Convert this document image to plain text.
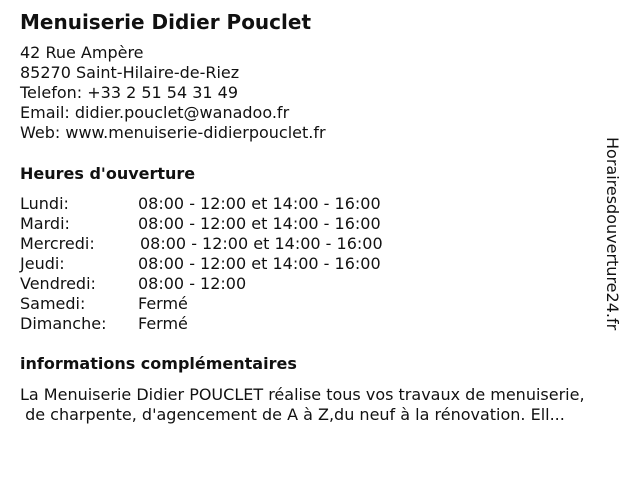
Menuiserie Didier Pouclet
42 Rue Ampère
85270 Saint-Hilaire-de-Riez
Telefon: +33 2 51 54 31 49
Email: didier.pouclet@wanadoo.fr
Web: www.menuiserie-didierpouclet.fr
Heures d'ouverture
Lundi:	08:00 - 12:00 et 14:00 - 16:00
Mardi:	08:00 - 12:00 et 14:00 - 16:00
Mercredi:	08:00 - 12:00 et 14:00 - 16:00
Jeudi:	08:00 - 12:00 et 14:00 - 16:00
Vendredi:	08:00 - 12:00
Samedi:	Fermé
Dimanche: Fermé
informations complémentaires
La Menuiserie Didier POUCLET réalise tous vos travaux de menuiserie,
de charpente, d'agencement de A à Z,du neuf à la rénovation. Ell...
Horairesdouverture24.fr
